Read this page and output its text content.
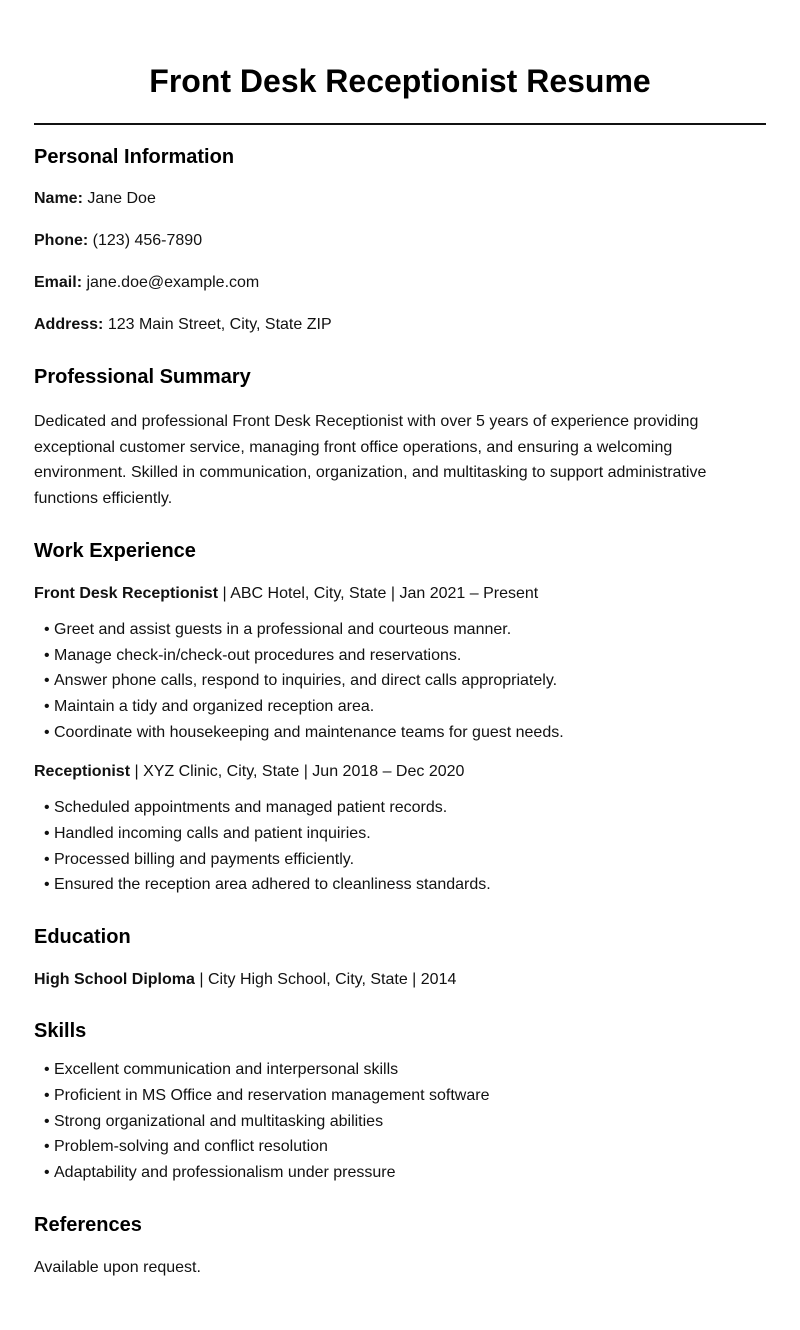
Front Desk Receptionist Resume
Personal Information

Name: Jane Doe

Phone: (123) 456-7890

Email: jane.doe@example.com

Address: 123 Main Street, City, State ZIP

Professional Summary

Dedicated and professional Front Desk Receptionist with over 5 years of experience providing exceptional customer service, managing front office operations, and ensuring a welcoming environment. Skilled in communication, organization, and multitasking to support administrative functions efficiently.

Work Experience

Front Desk Receptionist | ABC Hotel, City, State | Jan 2021 – Present

• Greet and assist guests in a professional and courteous manner.
• Manage check-in/check-out procedures and reservations.
• Answer phone calls, respond to inquiries, and direct calls appropriately.
• Maintain a tidy and organized reception area.
• Coordinate with housekeeping and maintenance teams for guest needs.

Receptionist | XYZ Clinic, City, State | Jun 2018 – Dec 2020

• Scheduled appointments and managed patient records.
• Handled incoming calls and patient inquiries.
• Processed billing and payments efficiently.
• Ensured the reception area adhered to cleanliness standards.
Education

High School Diploma | City High School, City, State | 2014

Skills
• Excellent communication and interpersonal skills
• Proficient in MS Office and reservation management software
• Strong organizational and multitasking abilities
• Problem-solving and conflict resolution
• Adaptability and professionalism under pressure
References

Available upon request.
